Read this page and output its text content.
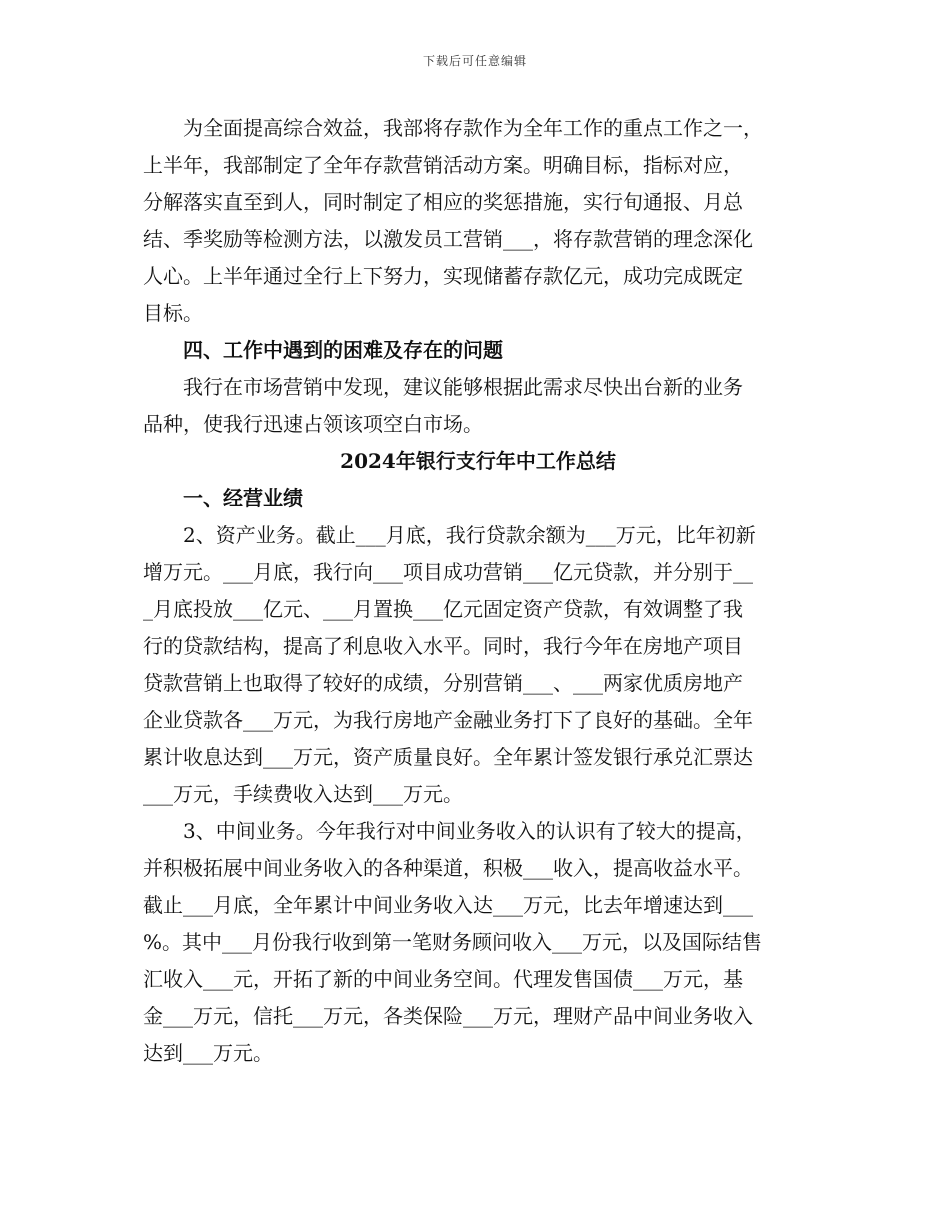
下载后可任意编辑
为全面提高综合效益，我部将存款作为全年工作的重点工作之一，
上半年，我部制定了全年存款营销活动方案。明确目标，指标对应，
分解落实直至到人，同时制定了相应的奖惩措施，实行旬通报、月总
结、季奖励等检测方法，以激发员工营销___，将存款营销的理念深化
人心。上半年通过全行上下努力，实现储蓄存款亿元，成功完成既定
目标。
四、工作中遇到的困难及存在的问题
我行在市场营销中发现，建议能够根据此需求尽快出台新的业务
品种，使我行迅速占领该项空白市场。
2024年银行支行年中工作总结
一、经营业绩
2、资产业务。截止___月底，我行贷款余额为___万元，比年初新
增万元。___月底，我行向___项目成功营销___亿元贷款，并分别于__
_月底投放___亿元、___月置换___亿元固定资产贷款，有效调整了我
行的贷款结构，提高了利息收入水平。同时，我行今年在房地产项目
贷款营销上也取得了较好的成绩，分别营销___、___两家优质房地产
企业贷款各___万元，为我行房地产金融业务打下了良好的基础。全年
累计收息达到___万元，资产质量良好。全年累计签发银行承兑汇票达
___万元，手续费收入达到___万元。
3、中间业务。今年我行对中间业务收入的认识有了较大的提高，
并积极拓展中间业务收入的各种渠道，积极___收入，提高收益水平。
截止___月底，全年累计中间业务收入达___万元，比去年增速达到___
%。其中___月份我行收到第一笔财务顾问收入___万元，以及国际结售
汇收入___元，开拓了新的中间业务空间。代理发售国债___万元，基
金___万元，信托___万元，各类保险___万元，理财产品中间业务收入
达到___万元。
